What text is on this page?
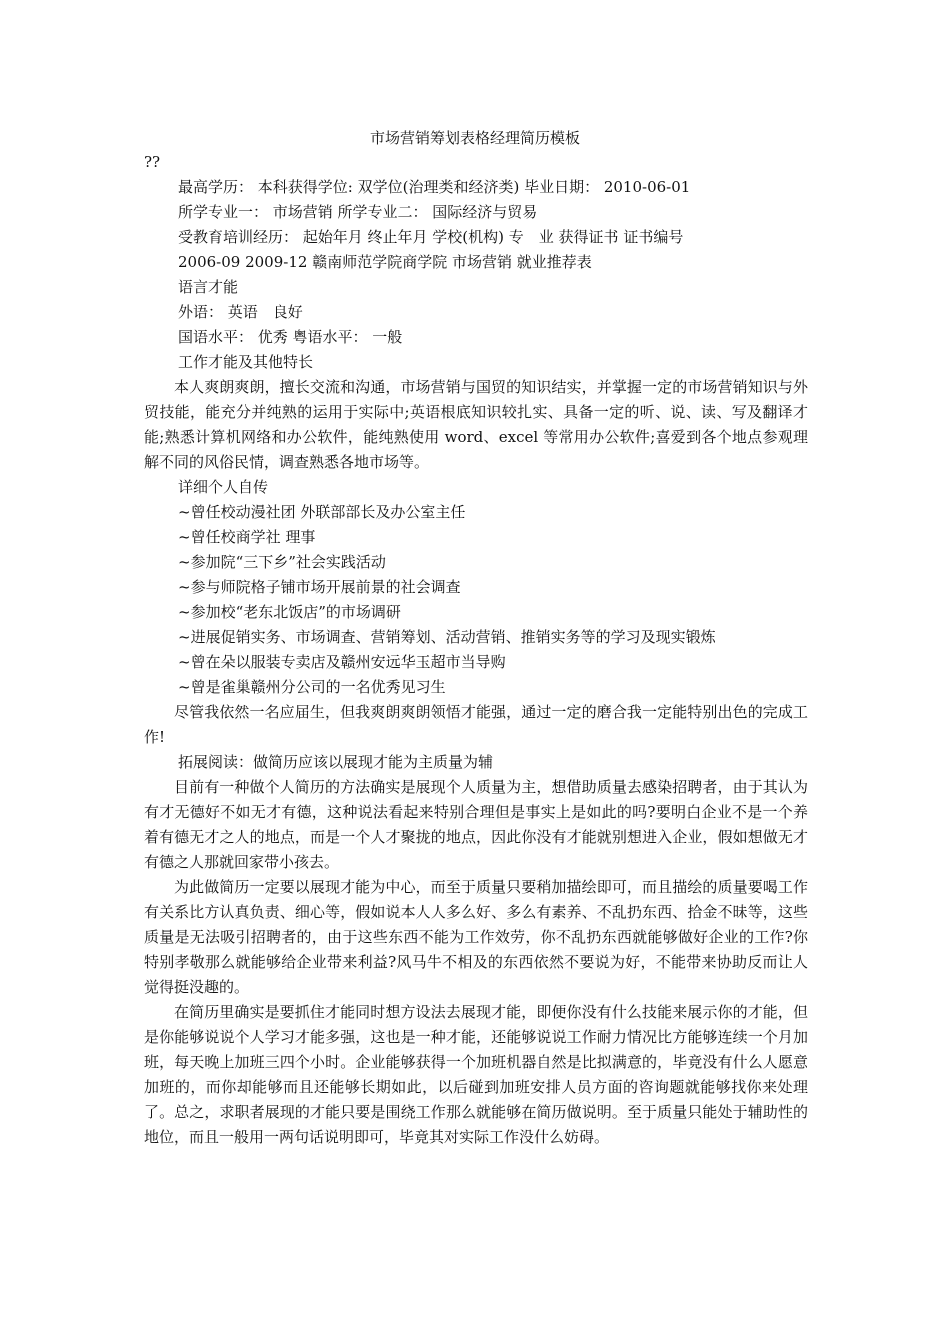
市场营销筹划表格经理简历模板
??

最高学历： 本科获得学位: 双学位(治理类和经济类) 毕业日期： 2010-06-01

所学专业一： 市场营销 所学专业二： 国际经济与贸易

受教育培训经历： 起始年月 终止年月 学校(机构) 专　业 获得证书 证书编号

2006-09 2009-12 赣南师范学院商学院 市场营销 就业推荐表

语言才能

外语： 英语　良好

国语水平： 优秀 粤语水平： 一般

工作才能及其他特长

本人爽朗爽朗，擅长交流和沟通，市场营销与国贸的知识结实，并掌握一定的市场营销知识与外贸技能，能充分并纯熟的运用于实际中;英语根底知识较扎实、具备一定的听、说、读、写及翻译才能;熟悉计算机网络和办公软件，能纯熟使用 word、excel 等常用办公软件;喜爱到各个地点参观理解不同的风俗民情，调查熟悉各地市场等。

详细个人自传

~曾任校动漫社团 外联部部长及办公室主任

~曾任校商学社 理事

~参加院“三下乡”社会实践活动

~参与师院格子铺市场开展前景的社会调查

~参加校“老东北饭店”的市场调研

~进展促销实务、市场调查、营销筹划、活动营销、推销实务等的学习及现实锻炼

~曾在朵以服装专卖店及赣州安远华玉超市当导购

~曾是雀巢赣州分公司的一名优秀见习生

尽管我依然一名应届生，但我爽朗爽朗领悟才能强，通过一定的磨合我一定能特别出色的完成工作!

拓展阅读：做简历应该以展现才能为主质量为辅

目前有一种做个人简历的方法确实是展现个人质量为主，想借助质量去感染招聘者，由于其认为有才无德好不如无才有德，这种说法看起来特别合理但是事实上是如此的吗?要明白企业不是一个养着有德无才之人的地点，而是一个人才聚拢的地点，因此你没有才能就别想进入企业，假如想做无才有德之人那就回家带小孩去。

为此做简历一定要以展现才能为中心，而至于质量只要稍加描绘即可，而且描绘的质量要喝工作有关系比方认真负责、细心等，假如说本人人多么好、多么有素养、不乱扔东西、拾金不昧等，这些质量是无法吸引招聘者的，由于这些东西不能为工作效劳，你不乱扔东西就能够做好企业的工作?你特别孝敬那么就能够给企业带来利益?风马牛不相及的东西依然不要说为好，不能带来协助反而让人觉得挺没趣的。

在简历里确实是要抓住才能同时想方设法去展现才能，即便你没有什么技能来展示你的才能，但是你能够说说个人学习才能多强，这也是一种才能，还能够说说工作耐力情况比方能够连续一个月加班，每天晚上加班三四个小时。企业能够获得一个加班机器自然是比拟满意的，毕竟没有什么人愿意加班的，而你却能够而且还能够长期如此，以后碰到加班安排人员方面的咨询题就能够找你来处理了。总之，求职者展现的才能只要是围绕工作那么就能够在简历做说明。至于质量只能处于辅助性的地位，而且一般用一两句话说明即可，毕竟其对实际工作没什么妨碍。
